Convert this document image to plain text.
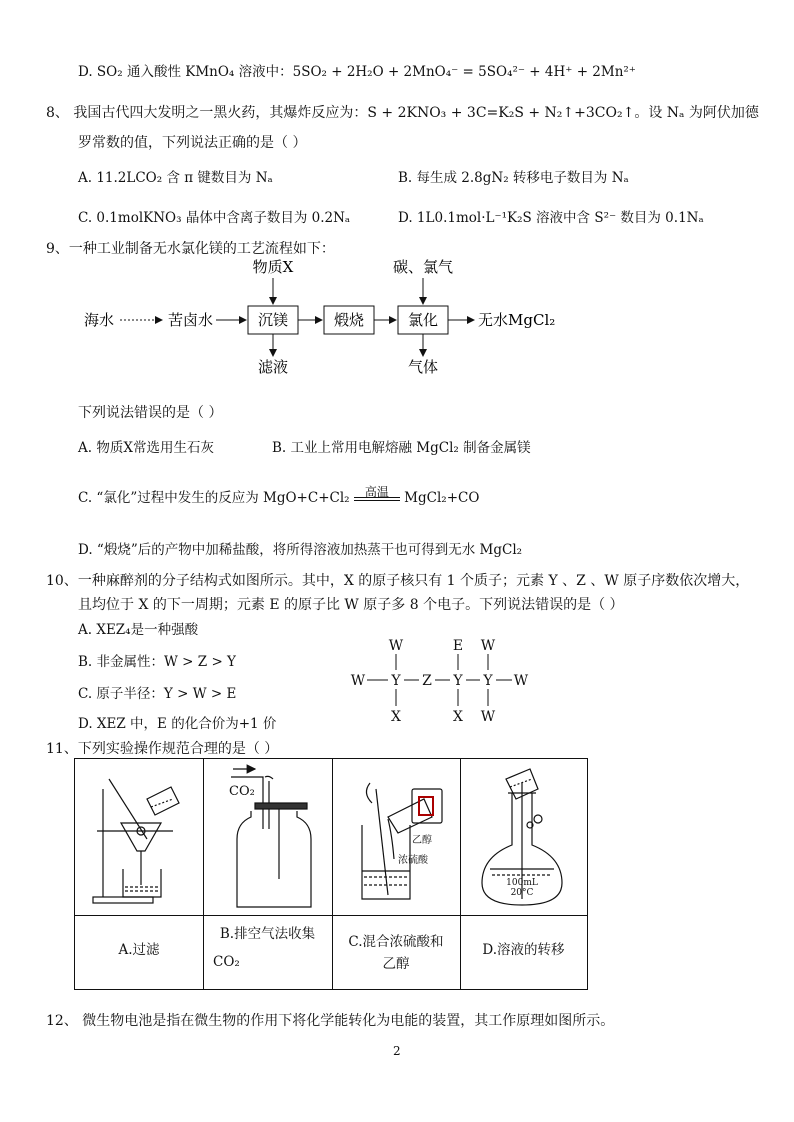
D. SO₂ 通入酸性 KMnO₄ 溶液中：5SO₂ + 2H₂O + 2MnO₄⁻ = 5SO₄²⁻ + 4H⁺ + 2Mn²⁺
8、 我国古代四大发明之一黑火药，其爆炸反应为：S + 2KNO₃ + 3C=K₂S + N₂↑+3CO₂↑。设 Nₐ 为阿伏加德
罗常数的值，下列说法正确的是（ ）
A. 11.2LCO₂ 含 π 键数目为 Nₐ	B. 每生成 2.8gN₂ 转移电子数目为 Nₐ
C. 0.1molKNO₃ 晶体中含离子数目为 0.2Nₐ	D. 1L0.1mol·L⁻¹K₂S 溶液中含 S²⁻ 数目为 0.1Nₐ
9、一种工业制备无水氯化镁的工艺流程如下：
海水	苦卤水	沉镁	煅烧	氯化	无水MgCl₂
物质X
滤液
碳、氯气
气体
下列说法错误的是（ ）
A. 物质X常选用生石灰	B. 工业上常用电解熔融 MgCl₂ 制备金属镁
C. “氯化”过程中发生的反应为 MgO+C+Cl₂	高温	MgCl₂+CO
D. “煅烧”后的产物中加稀盐酸，将所得溶液加热蒸干也可得到无水 MgCl₂
10、一种麻醉剂的分子结构式如图所示。其中，X 的原子核只有 1 个质子；元素 Y 、Z 、W 原子序数依次增大，
且均位于 X 的下一周期；元素 E 的原子比 W 原子多 8 个电子。下列说法错误的是（ ）
A. XEZ₄是一种强酸
B. 非金属性：W > Z > Y
C. 原子半径：Y > W > E
D. XEZ 中，E 的化合价为+1 价
W	E W
W Y Z Y Y W
X	X W
11、下列实验操作规范合理的是（ ）
CO₂
乙醇
浓硫酸
100mL
20°C
A.过滤
B.排空气法收集
CO₂
C.混合浓硫酸和
乙醇
D.溶液的转移
12、 微生物电池是指在微生物的作用下将化学能转化为电能的装置，其工作原理如图所示。
2
